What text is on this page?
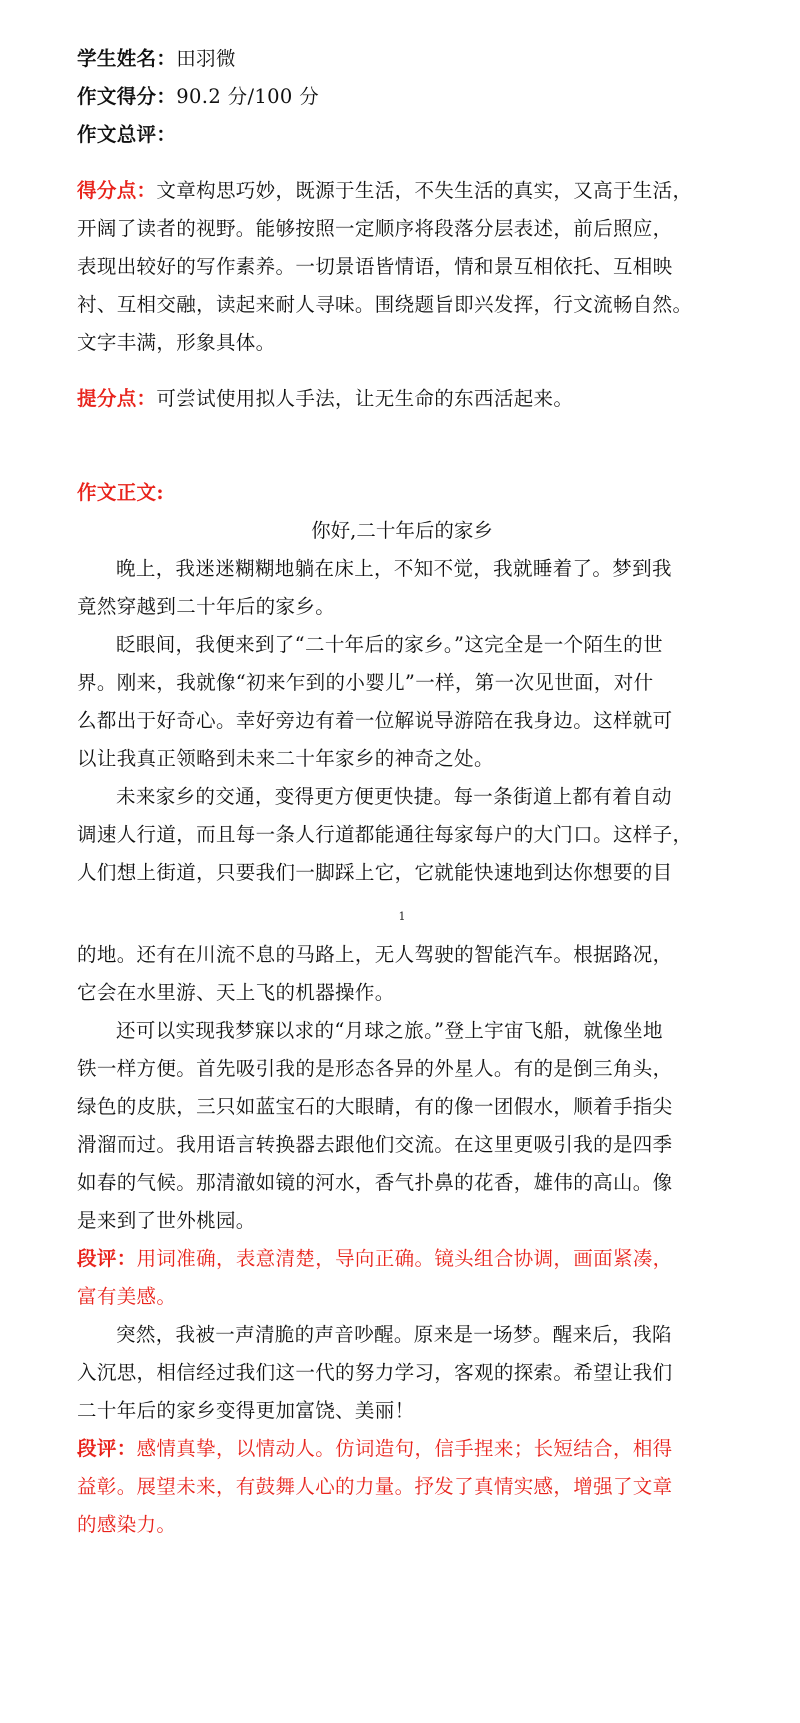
学生姓名：田羽微
作文得分：90.2 分/100 分
作文总评：
得分点：文章构思巧妙，既源于生活，不失生活的真实，又高于生活，
开阔了读者的视野。能够按照一定顺序将段落分层表述，前后照应，
表现出较好的写作素养。一切景语皆情语，情和景互相依托、互相映
衬、互相交融，读起来耐人寻味。围绕题旨即兴发挥，行文流畅自然。
文字丰满，形象具体。
提分点：可尝试使用拟人手法，让无生命的东西活起来。
作文正文:
你好,二十年后的家乡
晚上，我迷迷糊糊地躺在床上，不知不觉，我就睡着了。梦到我
竟然穿越到二十年后的家乡。
眨眼间，我便来到了“二十年后的家乡。”这完全是一个陌生的世
界。刚来，我就像“初来乍到的小婴儿”一样，第一次见世面，对什
么都出于好奇心。幸好旁边有着一位解说导游陪在我身边。这样就可
以让我真正领略到未来二十年家乡的神奇之处。
未来家乡的交通，变得更方便更快捷。每一条街道上都有着自动
调速人行道，而且每一条人行道都能通往每家每户的大门口。这样子，
人们想上街道，只要我们一脚踩上它，它就能快速地到达你想要的目
1
的地。还有在川流不息的马路上，无人驾驶的智能汽车。根据路况，
它会在水里游、天上飞的机器操作。
还可以实现我梦寐以求的“月球之旅。”登上宇宙飞船，就像坐地
铁一样方便。首先吸引我的是形态各异的外星人。有的是倒三角头，
绿色的皮肤，三只如蓝宝石的大眼睛，有的像一团假水，顺着手指尖
滑溜而过。我用语言转换器去跟他们交流。在这里更吸引我的是四季
如春的气候。那清澈如镜的河水，香气扑鼻的花香，雄伟的高山。像
是来到了世外桃园。
段评：用词准确，表意清楚，导向正确。镜头组合协调，画面紧凑，
富有美感。
突然，我被一声清脆的声音吵醒。原来是一场梦。醒来后，我陷
入沉思，相信经过我们这一代的努力学习，客观的探索。希望让我们
二十年后的家乡变得更加富饶、美丽！
段评：感情真挚，以情动人。仿词造句，信手捏来；长短结合，相得
益彰。展望未来，有鼓舞人心的力量。抒发了真情实感，增强了文章
的感染力。
